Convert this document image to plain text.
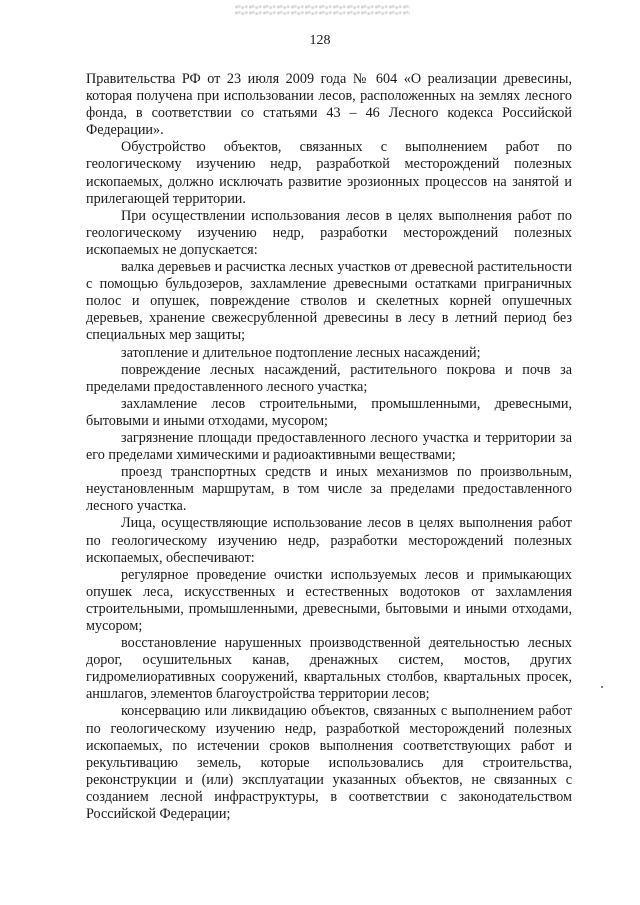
128

Правительства РФ от 23 июля 2009 года № 604 «О реализации древесины, которая получена при использовании лесов, расположенных на землях лесного фонда, в соответствии со статьями 43 – 46 Лесного кодекса Российской Федерации».

Обустройство объектов, связанных с выполнением работ по геологическому изучению недр, разработкой месторождений полезных ископаемых, должно исключать развитие эрозионных процессов на занятой и прилегающей территории.

При осуществлении использования лесов в целях выполнения работ по геологическому изучению недр, разработки месторождений полезных ископаемых не допускается:

валка деревьев и расчистка лесных участков от древесной растительности с помощью бульдозеров, захламление древесными остатками приграничных полос и опушек, повреждение стволов и скелетных корней опушечных деревьев, хранение свежесрубленной древесины в лесу в летний период без специальных мер защиты;

затопление и длительное подтопление лесных насаждений;

повреждение лесных насаждений, растительного покрова и почв за пределами предоставленного лесного участка;

захламление лесов строительными, промышленными, древесными, бытовыми и иными отходами, мусором;

загрязнение площади предоставленного лесного участка и территории за его пределами химическими и радиоактивными веществами;

проезд транспортных средств и иных механизмов по произвольным, неустановленным маршрутам, в том числе за пределами предоставленного лесного участка.

Лица, осуществляющие использование лесов в целях выполнения работ по геологическому изучению недр, разработки месторождений полезных ископаемых, обеспечивают:

регулярное проведение очистки используемых лесов и примыкающих опушек леса, искусственных и естественных водотоков от захламления строительными, промышленными, древесными, бытовыми и иными отходами, мусором;

восстановление нарушенных производственной деятельностью лесных дорог, осушительных канав, дренажных систем, мостов, других гидромелиоративных сооружений, квартальных столбов, квартальных просек, аншлагов, элементов благоустройства территории лесов;

консервацию или ликвидацию объектов, связанных с выполнением работ по геологическому изучению недр, разработкой месторождений полезных ископаемых, по истечении сроков выполнения соответствующих работ и рекультивацию земель, которые использовались для строительства, реконструкции и (или) эксплуатации указанных объектов, не связанных с созданием лесной инфраструктуры, в соответствии с законодательством Российской Федерации;
